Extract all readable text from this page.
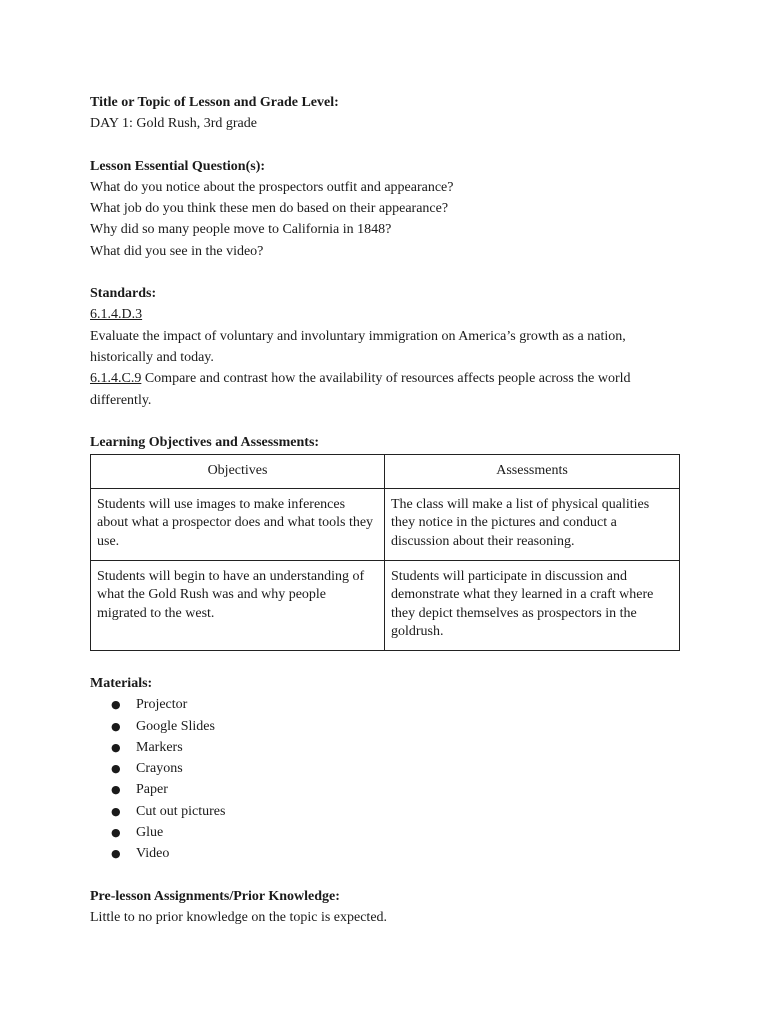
Title or Topic of Lesson and Grade Level:
DAY 1: Gold Rush, 3rd grade
Lesson Essential Question(s):
What do you notice about the prospectors outfit and appearance?
What job do you think these men do based on their appearance?
Why did so many people move to California in 1848?
What did you see in the video?
Standards:
6.1.4.D.3
Evaluate the impact of voluntary and involuntary immigration on America’s growth as a nation, historically and today.
6.1.4.C.9 Compare and contrast how the availability of resources affects people across the world differently.
Learning Objectives and Assessments:
Objectives	Assessments
Students will use images to make inferences about what a prospector does and what tools they use.	The class will make a list of physical qualities they notice in the pictures and conduct a discussion about their reasoning.
Students will begin to have an understanding of what the Gold Rush was and why people migrated to the west.	Students will participate in discussion and demonstrate what they learned in a craft where they depict themselves as prospectors in the goldrush.
Materials:
● Projector
● Google Slides
● Markers
● Crayons
● Paper
● Cut out pictures
● Glue
● Video
Pre-lesson Assignments/Prior Knowledge:
Little to no prior knowledge on the topic is expected.
